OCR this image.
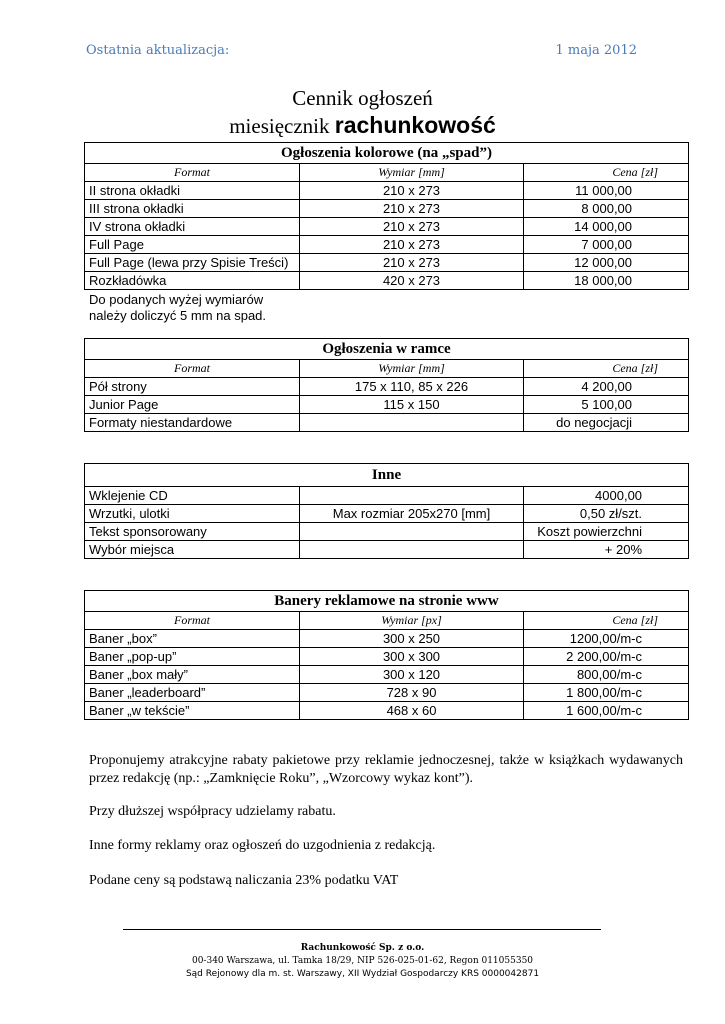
Ostatnia aktualizacja:	1 maja 2012
Cennik ogłoszeń
miesięcznik rachunkowość
Ogłoszenia kolorowe (na „spad”)		
Format	Wymiar [mm]	Cena [zł]
II strona okładki	210 x 273	11 000,00
III strona okładki	210 x 273	8 000,00
IV strona okładki	210 x 273	14 000,00
Full Page	210 x 273	7 000,00
Full Page (lewa przy Spisie Treści)	210 x 273	12 000,00
Rozkładówka	420 x 273	18 000,00
Do podanych wyżej wymiarów
należy doliczyć 5 mm na spad.
Ogłoszenia w ramce		
Format	Wymiar [mm]	Cena [zł]
Pół strony	175 x 110, 85 x 226	4 200,00
Junior Page	115 x 150	5 100,00
Formaty niestandardowe		do negocjacji
Inne		
Wklejenie CD		4000,00
Wrzutki, ulotki	Max rozmiar 205x270 [mm]	0,50 zł/szt.
Tekst sponsorowany		Koszt powierzchni
Wybór miejsca		+ 20%
Banery reklamowe na stronie www		
Format	Wymiar [px]	Cena [zł]
Baner „box”	300 x 250	1200,00/m-c
Baner „pop-up”	300 x 300	2 200,00/m-c
Baner „box mały”	300 x 120	800,00/m-c
Baner „leaderboard”	728 x 90	1 800,00/m-c
Baner „w tekście”	468 x 60	1 600,00/m-c
Proponujemy atrakcyjne rabaty pakietowe przy reklamie jednoczesnej, także w książkach wydawanych przez redakcję (np.: „Zamknięcie Roku”, „Wzorcowy wykaz kont”).
Przy dłuższej współpracy udzielamy rabatu.
Inne formy reklamy oraz ogłoszeń do uzgodnienia z redakcją.
Podane ceny są podstawą naliczania 23% podatku VAT
Rachunkowość Sp. z o.o.
00-340 Warszawa, ul. Tamka 18/29, NIP 526-025-01-62, Regon 011055350
Sąd Rejonowy dla m. st. Warszawy, XII Wydział Gospodarczy KRS 0000042871
